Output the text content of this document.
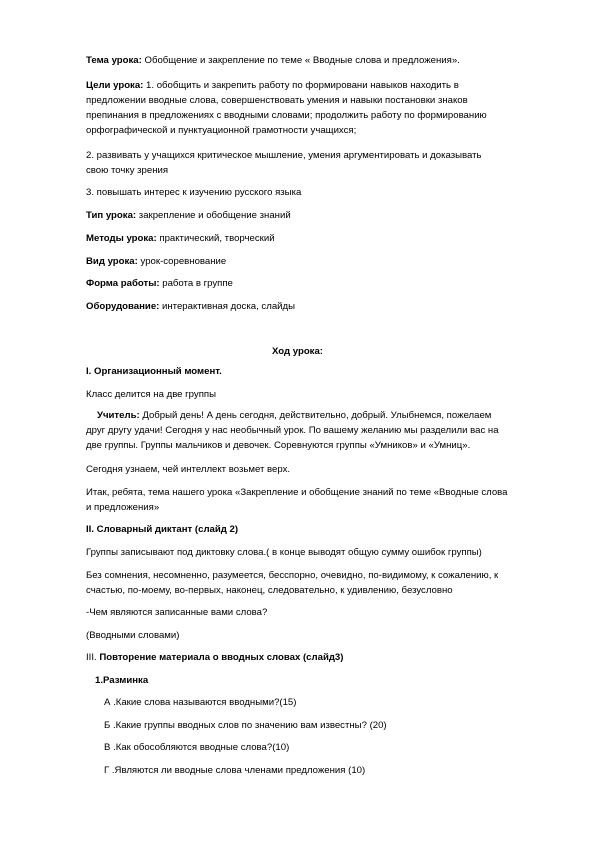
Тема урока: Обобщение и закрепление по теме « Вводные слова и предложения».
Цели урока: 1. обобщить и закрепить работу по формировани навыков находить в
предложении вводные слова, совершенствовать умения и навыки постановки знаков
препинания в предложениях с вводными словами; продолжить работу по формированию
орфографической и пунктуационной грамотности учащихся;
2. развивать у учащихся критическое мышление, умения аргументировать и доказывать
свою точку зрения
3. повышать интерес к изучению русского языка
Тип урока: закрепление и обобщение знаний
Методы урока: практический, творческий
Вид урока: урок-соревнование
Форма работы: работа в группе
Оборудование: интерактивная доска, слайды
Ход урока:
I. Организационный момент.
Класс делится на две группы
Учитель: Добрый день! А день сегодня, действительно, добрый. Улыбнемся, пожелаем
друг другу удачи! Сегодня у нас необычный урок. По вашему желанию мы разделили вас на
две группы. Группы мальчиков и девочек. Соревнуются группы «Умников» и «Умниц».
Сегодня узнаем, чей интеллект возьмет верх.
Итак, ребята, тема нашего урока «Закрепление и обобщение знаний по теме «Вводные слова
и предложения»
II. Словарный диктант (слайд 2)
Группы записывают под диктовку слова.( в конце выводят общую сумму ошибок группы)
Без сомнения, несомненно, разумеется, бесспорно, очевидно, по-видимому, к сожалению, к
счастью, по-моему, во-первых, наконец, следовательно, к удивлению, безусловно
-Чем являются записанные вами слова?
(Вводными словами)
III. Повторение материала о вводных словах (слайд3)
1.Разминка
А .Какие слова называются вводными?(15)
Б .Какие группы вводных слов по значению вам известны? (20)
В .Как обособляются вводные слова?(10)
Г .Являются ли вводные слова членами предложения (10)
